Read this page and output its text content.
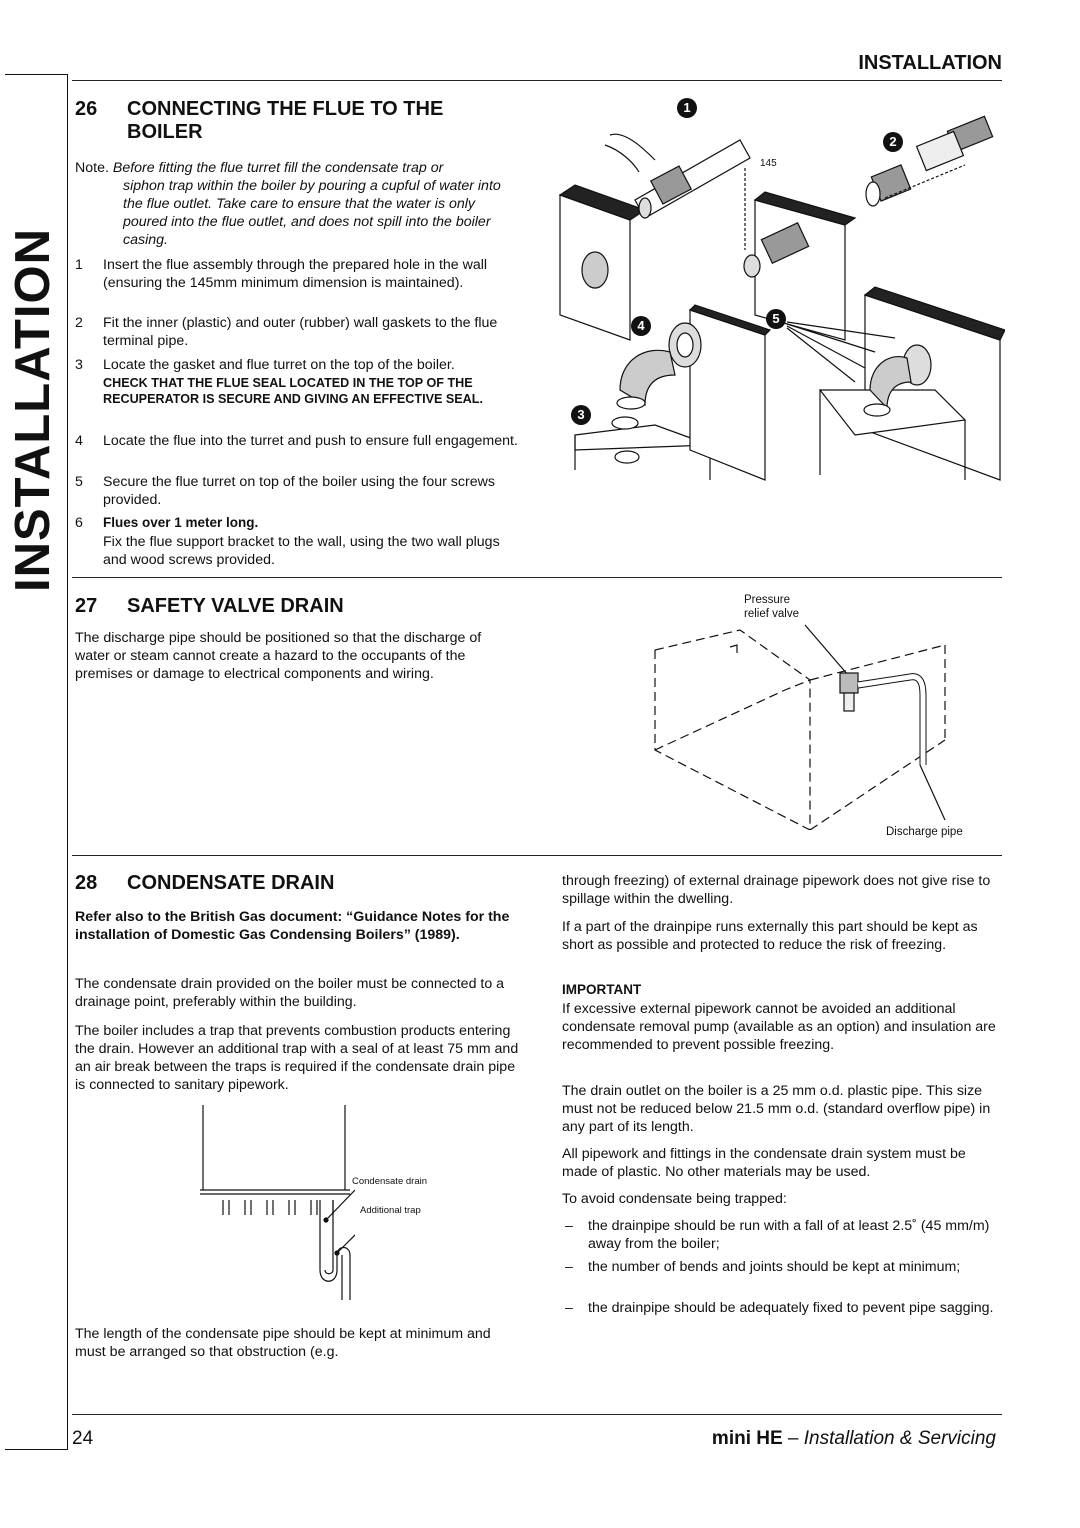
INSTALLATION
INSTALLATION
26 CONNECTING THE FLUE TO THE
BOILER
Note. Before fitting the flue turret fill the condensate trap or
siphon trap within the boiler by pouring a cupful of water into the flue outlet. Take care to ensure that the water is only poured into the flue outlet, and does not spill into the boiler casing.
1 Insert the flue assembly through the prepared hole in the wall (ensuring the 145mm minimum dimension is maintained).
2 Fit the inner (plastic) and outer (rubber) wall gaskets to the flue terminal pipe.
3 Locate the gasket and flue turret on the top of the boiler.
CHECK THAT THE FLUE SEAL LOCATED IN THE TOP OF THE RECUPERATOR IS SECURE AND GIVING AN EFFECTIVE SEAL.
4 Locate the flue into the turret and push to ensure full engagement.
5 Secure the flue turret on top of the boiler using the four screws provided.
6 Flues over 1 meter long.
Fix the flue support bracket to the wall, using the two wall plugs and wood screws provided.
145
1
2
3
4	5
27 SAFETY VALVE DRAIN
The discharge pipe should be positioned so that the discharge of water or steam cannot create a hazard to the occupants of the premises or damage to electrical components and wiring.
Pressure
relief valve
Discharge pipe
28 CONDENSATE DRAIN
Refer also to the British Gas document: “Guidance Notes for the installation of Domestic Gas Condensing Boilers” (1989).
The condensate drain provided on the boiler must be connected to a drainage point, preferably within the building.
The boiler includes a trap that prevents combustion products entering the drain. However an additional trap with a seal of at least 75 mm and an air break between the traps is required if the condensate drain pipe is connected to sanitary pipework.
Condensate drain
Additional trap
The length of the condensate pipe should be kept at minimum and must be arranged so that obstruction (e.g.
through freezing) of external drainage pipework does not give rise to spillage within the dwelling.
If a part of the drainpipe runs externally this part should be kept as short as possible and protected to reduce the risk of freezing.
IMPORTANT
If excessive external pipework cannot be avoided an additional condensate removal pump (available as an option) and insulation are recommended to prevent possible freezing.
The drain outlet on the boiler is a 25 mm o.d. plastic pipe. This size must not be reduced below 21.5 mm o.d. (standard overflow pipe) in any part of its length.
All pipework and fittings in the condensate drain system must be made of plastic. No other materials may be used.
To avoid condensate being trapped:
– the drainpipe should be run with a fall of at least 2.5˚ (45 mm/m) away from the boiler;
– the number of bends and joints should be kept at minimum;
– the drainpipe should be adequately fixed to pevent pipe sagging.
24	mini HE – Installation & Servicing
